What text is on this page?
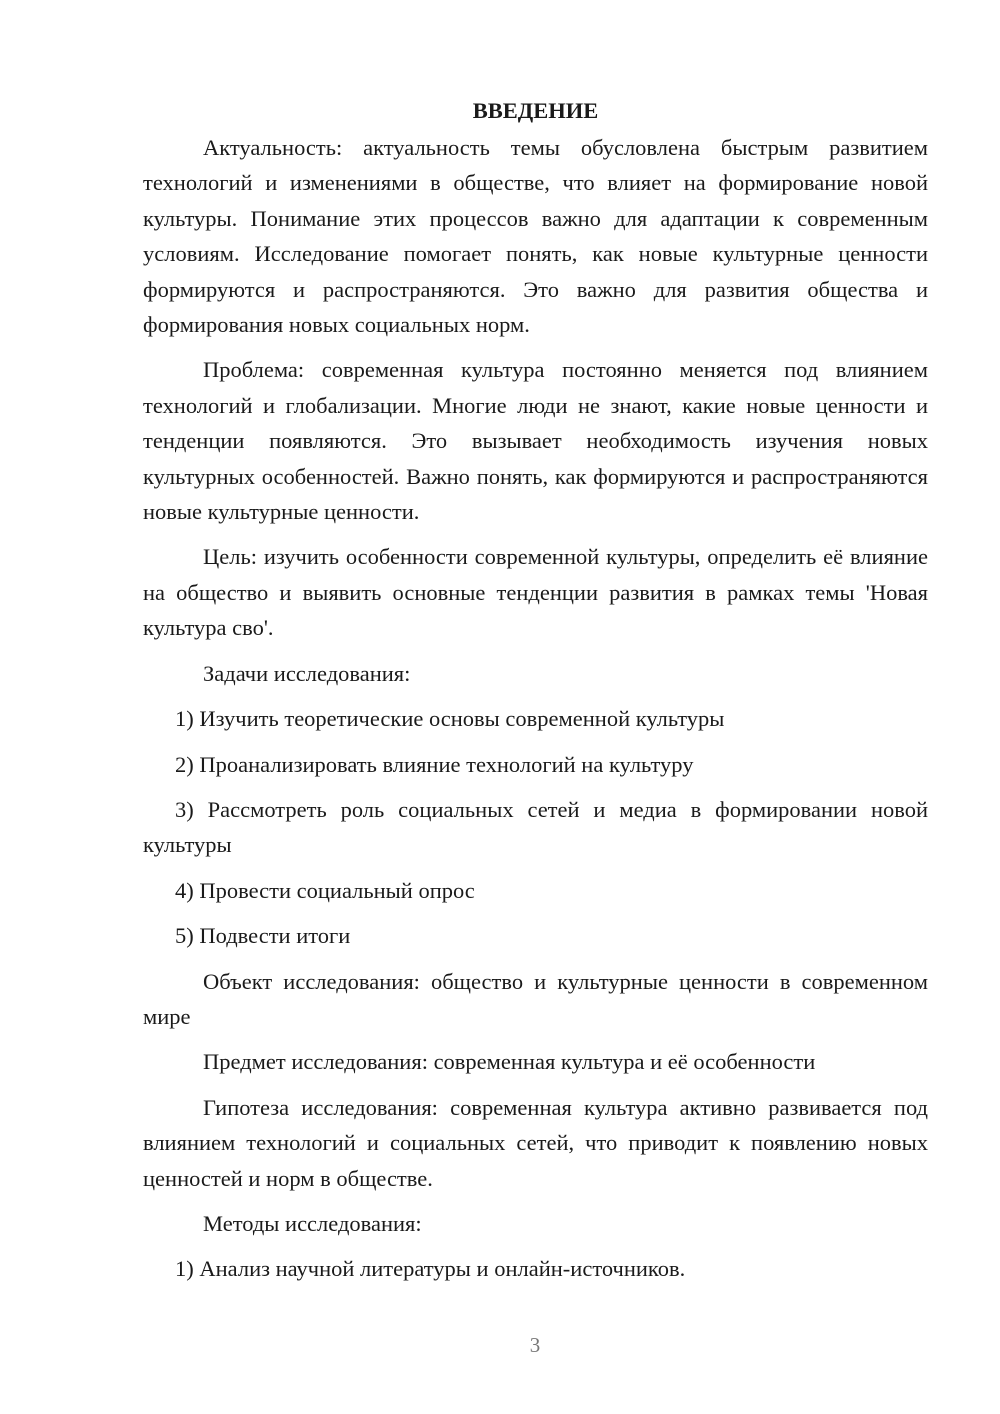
ВВЕДЕНИЕ

Актуальность: актуальность темы обусловлена быстрым развитием технологий и изменениями в обществе, что влияет на формирование новой культуры. Понимание этих процессов важно для адаптации к современным условиям. Исследование помогает понять, как новые культурные ценности формируются и распространяются. Это важно для развития общества и формирования новых социальных норм.

Проблема: современная культура постоянно меняется под влиянием технологий и глобализации. Многие люди не знают, какие новые ценности и тенденции появляются. Это вызывает необходимость изучения новых культурных особенностей. Важно понять, как формируются и распространяются новые культурные ценности.

Цель: изучить особенности современной культуры, определить её влияние на общество и выявить основные тенденции развития в рамках темы 'Новая культура сво'.

Задачи исследования:

1) Изучить теоретические основы современной культуры

2) Проанализировать влияние технологий на культуру

3) Рассмотреть роль социальных сетей и медиа в формировании новой культуры

4) Провести социальный опрос

5) Подвести итоги

Объект исследования: общество и культурные ценности в современном мире

Предмет исследования: современная культура и её особенности

Гипотеза исследования: современная культура активно развивается под влиянием технологий и социальных сетей, что приводит к появлению новых ценностей и норм в обществе.

Методы исследования:

1) Анализ научной литературы и онлайн-источников.

3
